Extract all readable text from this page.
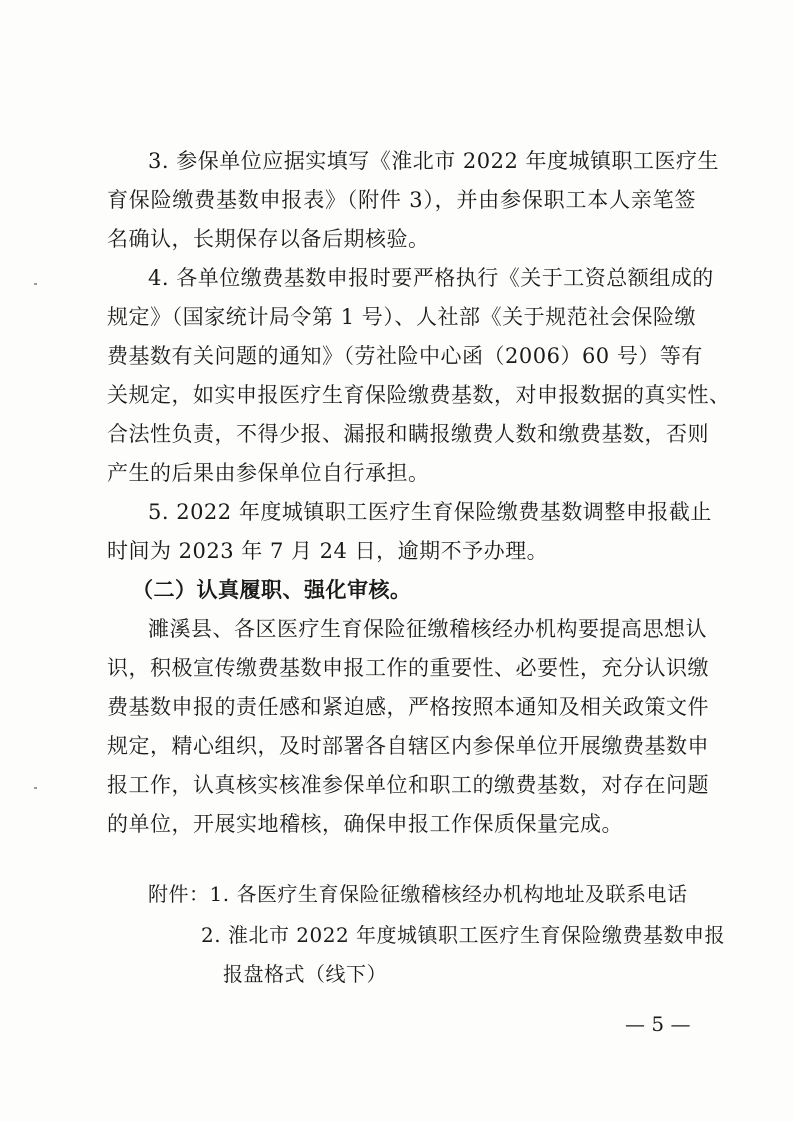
3. 参保单位应据实填写《淮北市 2022 年度城镇职工医疗生
育保险缴费基数申报表》（附件 3），并由参保职工本人亲笔签
名确认，长期保存以备后期核验。
4. 各单位缴费基数申报时要严格执行《关于工资总额组成的
规定》（国家统计局令第 1 号）、人社部《关于规范社会保险缴
费基数有关问题的通知》（劳社险中心函（2006）60 号）等有
关规定，如实申报医疗生育保险缴费基数，对申报数据的真实性、
合法性负责，不得少报、漏报和瞒报缴费人数和缴费基数，否则
产生的后果由参保单位自行承担。
5. 2022 年度城镇职工医疗生育保险缴费基数调整申报截止
时间为 2023 年 7 月 24 日，逾期不予办理。
（二）认真履职、强化审核。
濉溪县、各区医疗生育保险征缴稽核经办机构要提高思想认
识，积极宣传缴费基数申报工作的重要性、必要性，充分认识缴
费基数申报的责任感和紧迫感，严格按照本通知及相关政策文件
规定，精心组织，及时部署各自辖区内参保单位开展缴费基数申
报工作，认真核实核准参保单位和职工的缴费基数，对存在问题
的单位，开展实地稽核，确保申报工作保质保量完成。
附件：1. 各医疗生育保险征缴稽核经办机构地址及联系电话
2. 淮北市 2022 年度城镇职工医疗生育保险缴费基数申报
报盘格式（线下）
— 5 —
